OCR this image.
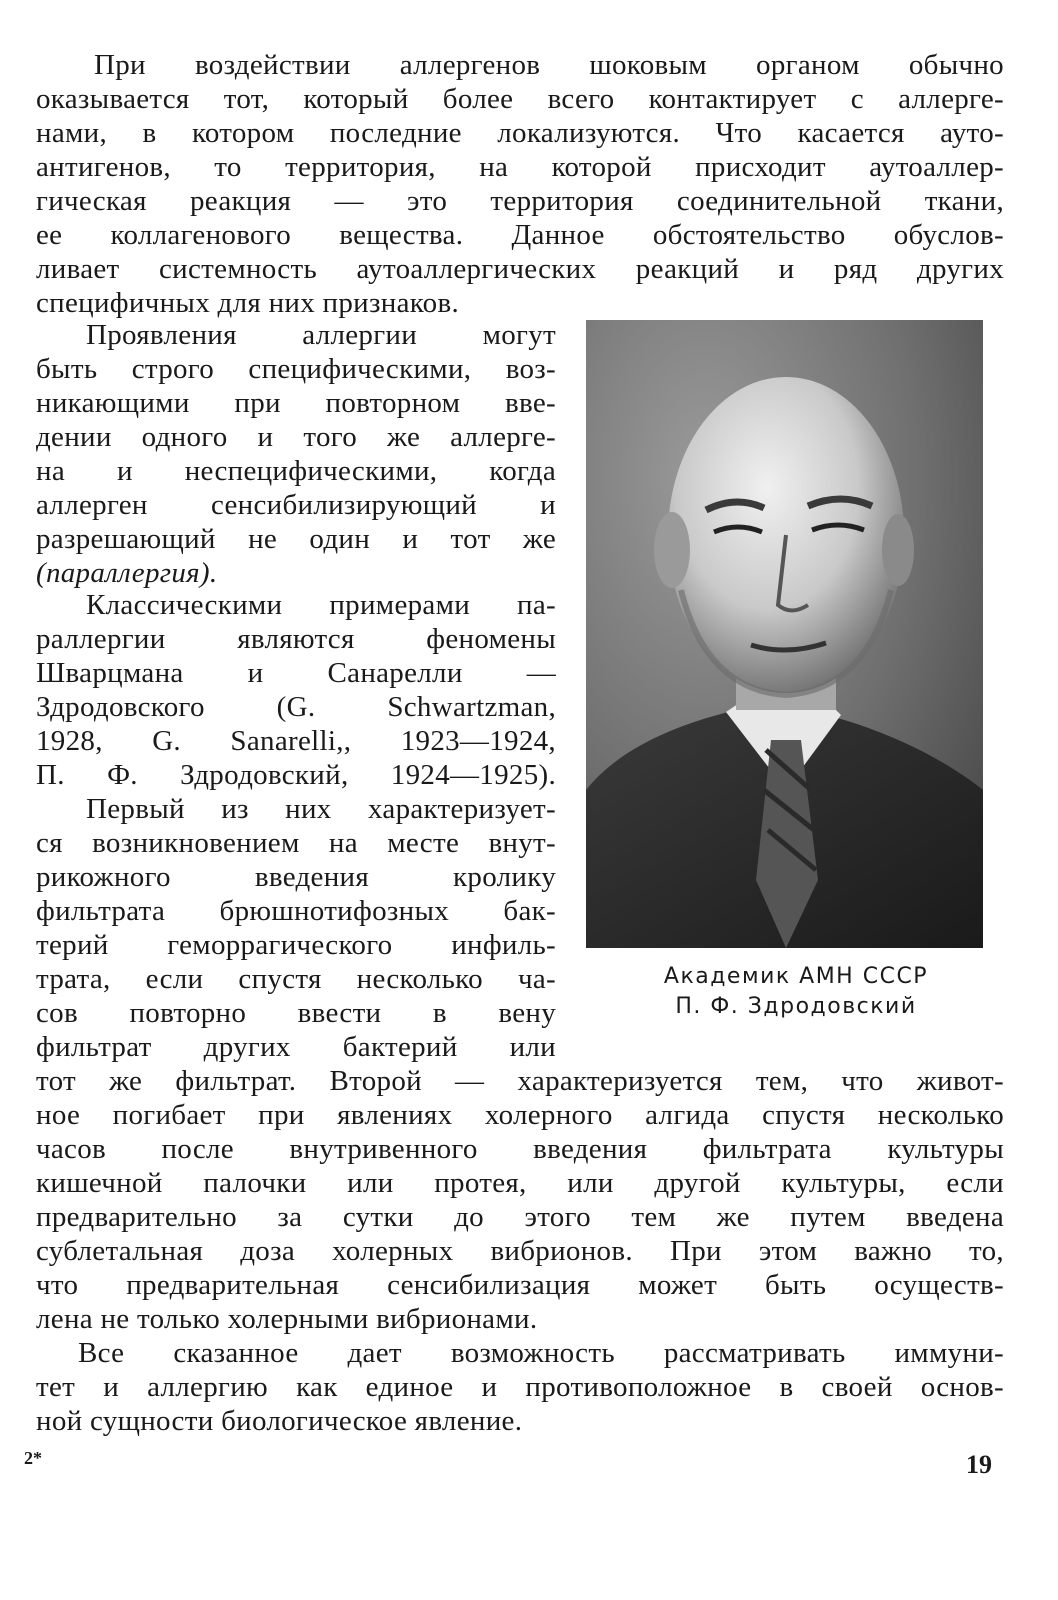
При воздействии аллергенов шоковым органом обычно
оказывается тот, который более всего контактирует с аллерге-
нами, в котором последние локализуются. Что касается ауто-
антигенов, то территория, на которой присходит аутоаллер-
гическая реакция — это территория соединительной ткани,
ее коллагенового вещества. Данное обстоятельство обуслов-
ливает системность аутоаллергических реакций и ряд других
специфичных для них признаков.
Проявления аллергии могут
быть строго специфическими, воз-
никающими при повторном вве-
дении одного и того же аллерге-
на и неспецифическими, когда
аллерген сенсибилизирующий и
разрешающий не один и тот же
(параллергия).
Классическими примерами па-
раллергии являются феномены
Шварцмана и Санарелли —
Здродовского (G. Schwartzman,
1928, G. Sanarelli,, 1923—1924,
П. Ф. Здродовский, 1924—1925).
Первый из них характеризует-
ся возникновением на месте внут-
рикожного введения кролику
фильтрата брюшнотифозных бак-
терий геморрагического инфиль-
трата, если спустя несколько ча-
сов повторно ввести в вену
фильтрат других бактерий или
тот же фильтрат. Второй — характеризуется тем, что живот-
ное погибает при явлениях холерного алгида спустя несколько
часов после внутривенного введения фильтрата культуры
кишечной палочки или протея, или другой культуры, если
предварительно за сутки до этого тем же путем введена
сублетальная доза холерных вибрионов. При этом важно то,
что предварительная сенсибилизация может быть осуществ-
лена не только холерными вибрионами.
Все сказанное дает возможность рассматривать иммуни-
тет и аллергию как единое и противоположное в своей основ-
ной сущности биологическое явление.
Академик АМН СССР
П. Ф. Здродовский
2*	19
